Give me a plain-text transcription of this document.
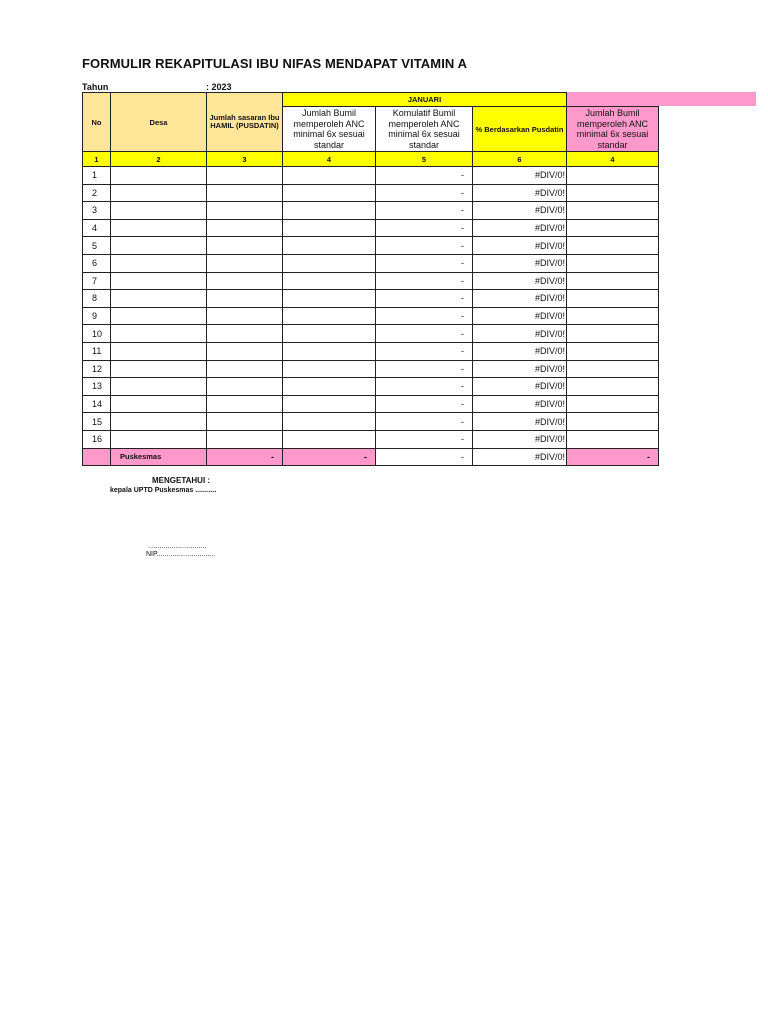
FORMULIR REKAPITULASI IBU NIFAS MENDAPAT VITAMIN A
Tahun	: 2023
No	Desa	Jumlah sasaran Ibu HAMIL (PUSDATIN)	JANUARI			

			Jumlah Bumil memperoleh ANC minimal 6x sesuai standar	Komulatif Bumil memperoleh ANC minimal 6x sesuai standar	% Berdasarkan Pusdatin	Jumlah Bumil memperoleh ANC minimal 6x sesuai standar

1	2	3	4	5	6	4
1				-	#DIV/0!	
2				-	#DIV/0!	
3				-	#DIV/0!	
4				-	#DIV/0!	
5				-	#DIV/0!	
6				-	#DIV/0!	
7				-	#DIV/0!	
8				-	#DIV/0!	
9				-	#DIV/0!	
10				-	#DIV/0!	
11				-	#DIV/0!	
12				-	#DIV/0!	
13				-	#DIV/0!	
14				-	#DIV/0!	
15				-	#DIV/0!	
16				-	#DIV/0!	
	Puskesmas	-	-	-	#DIV/0!	-
MENGETAHUI :
kepala UPTD Puskesmas ...........
..............................
NIP..............................
